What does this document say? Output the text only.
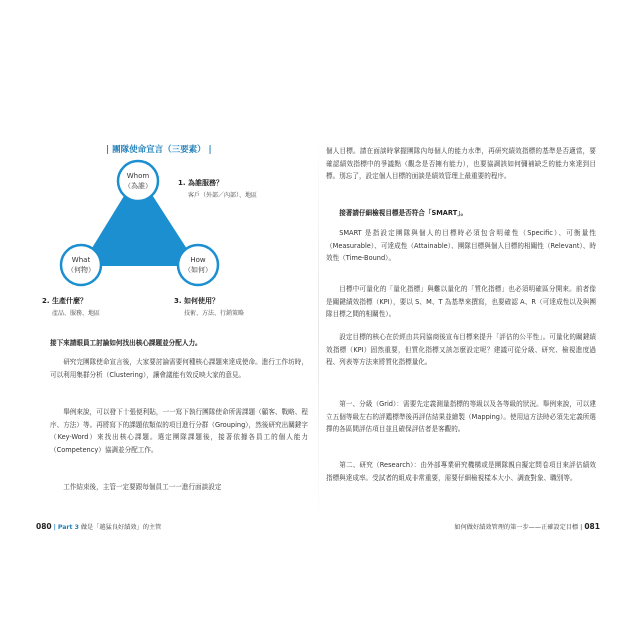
| 團隊使命宣言（三要素） |
Whom
（為誰）
What
（何物）
How
（如何）
1. 為誰服務？
客戶（外部／內部）、地區
2. 生產什麼？
產品、服務、地區
3. 如何使用？
技術、方法、行銷策略
接下來請眼員工討論如何找出核心課題並分配人力。
研究完團隊使命宣言後，大家要討論需要何種核心課題來達成使命。進行工作坊時，可以利用集群分析（Clustering），讓會議能有效反映大家的意見。
舉例來說，可以發下十張便利貼，一一寫下執行團隊使命所需課題（顧客、戰略、程序、方法）等。再將寫下的課題依類似的項目進行分群（Grouping），然後研究出關鍵字（Key-Word）來找出核心課題。選定團隊課題後，接著依據各員工的個人能力（Competency）協調並分配工作。
工作結束後，主管一定要跟每個員工一一進行面談設定
080 | Part 3 做是「越猛良好績效」的主管
個人目標。請在面談時掌握團隊內每個人的能力水準，再研究績效指標的基準是否適當，要確認績效指標中的爭議點（觀念是否擁有能力），也要協調該如何彌補缺乏的能力來達到目標。別忘了，設定個人目標的面談是績效管理上最重要的程序。
接著請仔細檢視目標是否符合「SMART」。
SMART 是指設定團隊與個人的目標時必須包含明確性（Specific）、可衡量性（Measurable）、可達成性（Attainable）、團隊目標與個人目標的相關性（Relevant）、時效性（Time-Bound）。
目標中可量化的「量化指標」與難以量化的「質化指標」也必須明確區分開來。前者像是關鍵績效指標（KPI），要以 S、M、T 為基準來撰寫，也要確認 A、R（可達成性以及與團隊目標之間的相關性）。
設定目標的核心在於經由共同協商後宣布目標來提升「評估的公平性」。可量化的關鍵績效指標（KPI）固然重要，但質化指標又該怎麼設定呢？建議可從分級、研究、檢視進度過程、列表等方法來將質化指標量化。
第一、分級（Grid）：需要先定義測量指標的等級以及各等級的狀況。舉例來說，可以建立五個等級左右的評鑑標準後再評估結果並繪製（Mapping）。使用這方法時必須先定義所選擇的各區間評估項目並且確保評估者是客觀的。
第二、研究（Research）：由外部專業研究機構或是團隊親自擬定問卷項目來評估績效指標與達成率。受試者的組成非常重要，需要仔細檢視樣本大小、調查對象、職別等。
如何做好績效管理的第一步——正確設定目標 | 081
